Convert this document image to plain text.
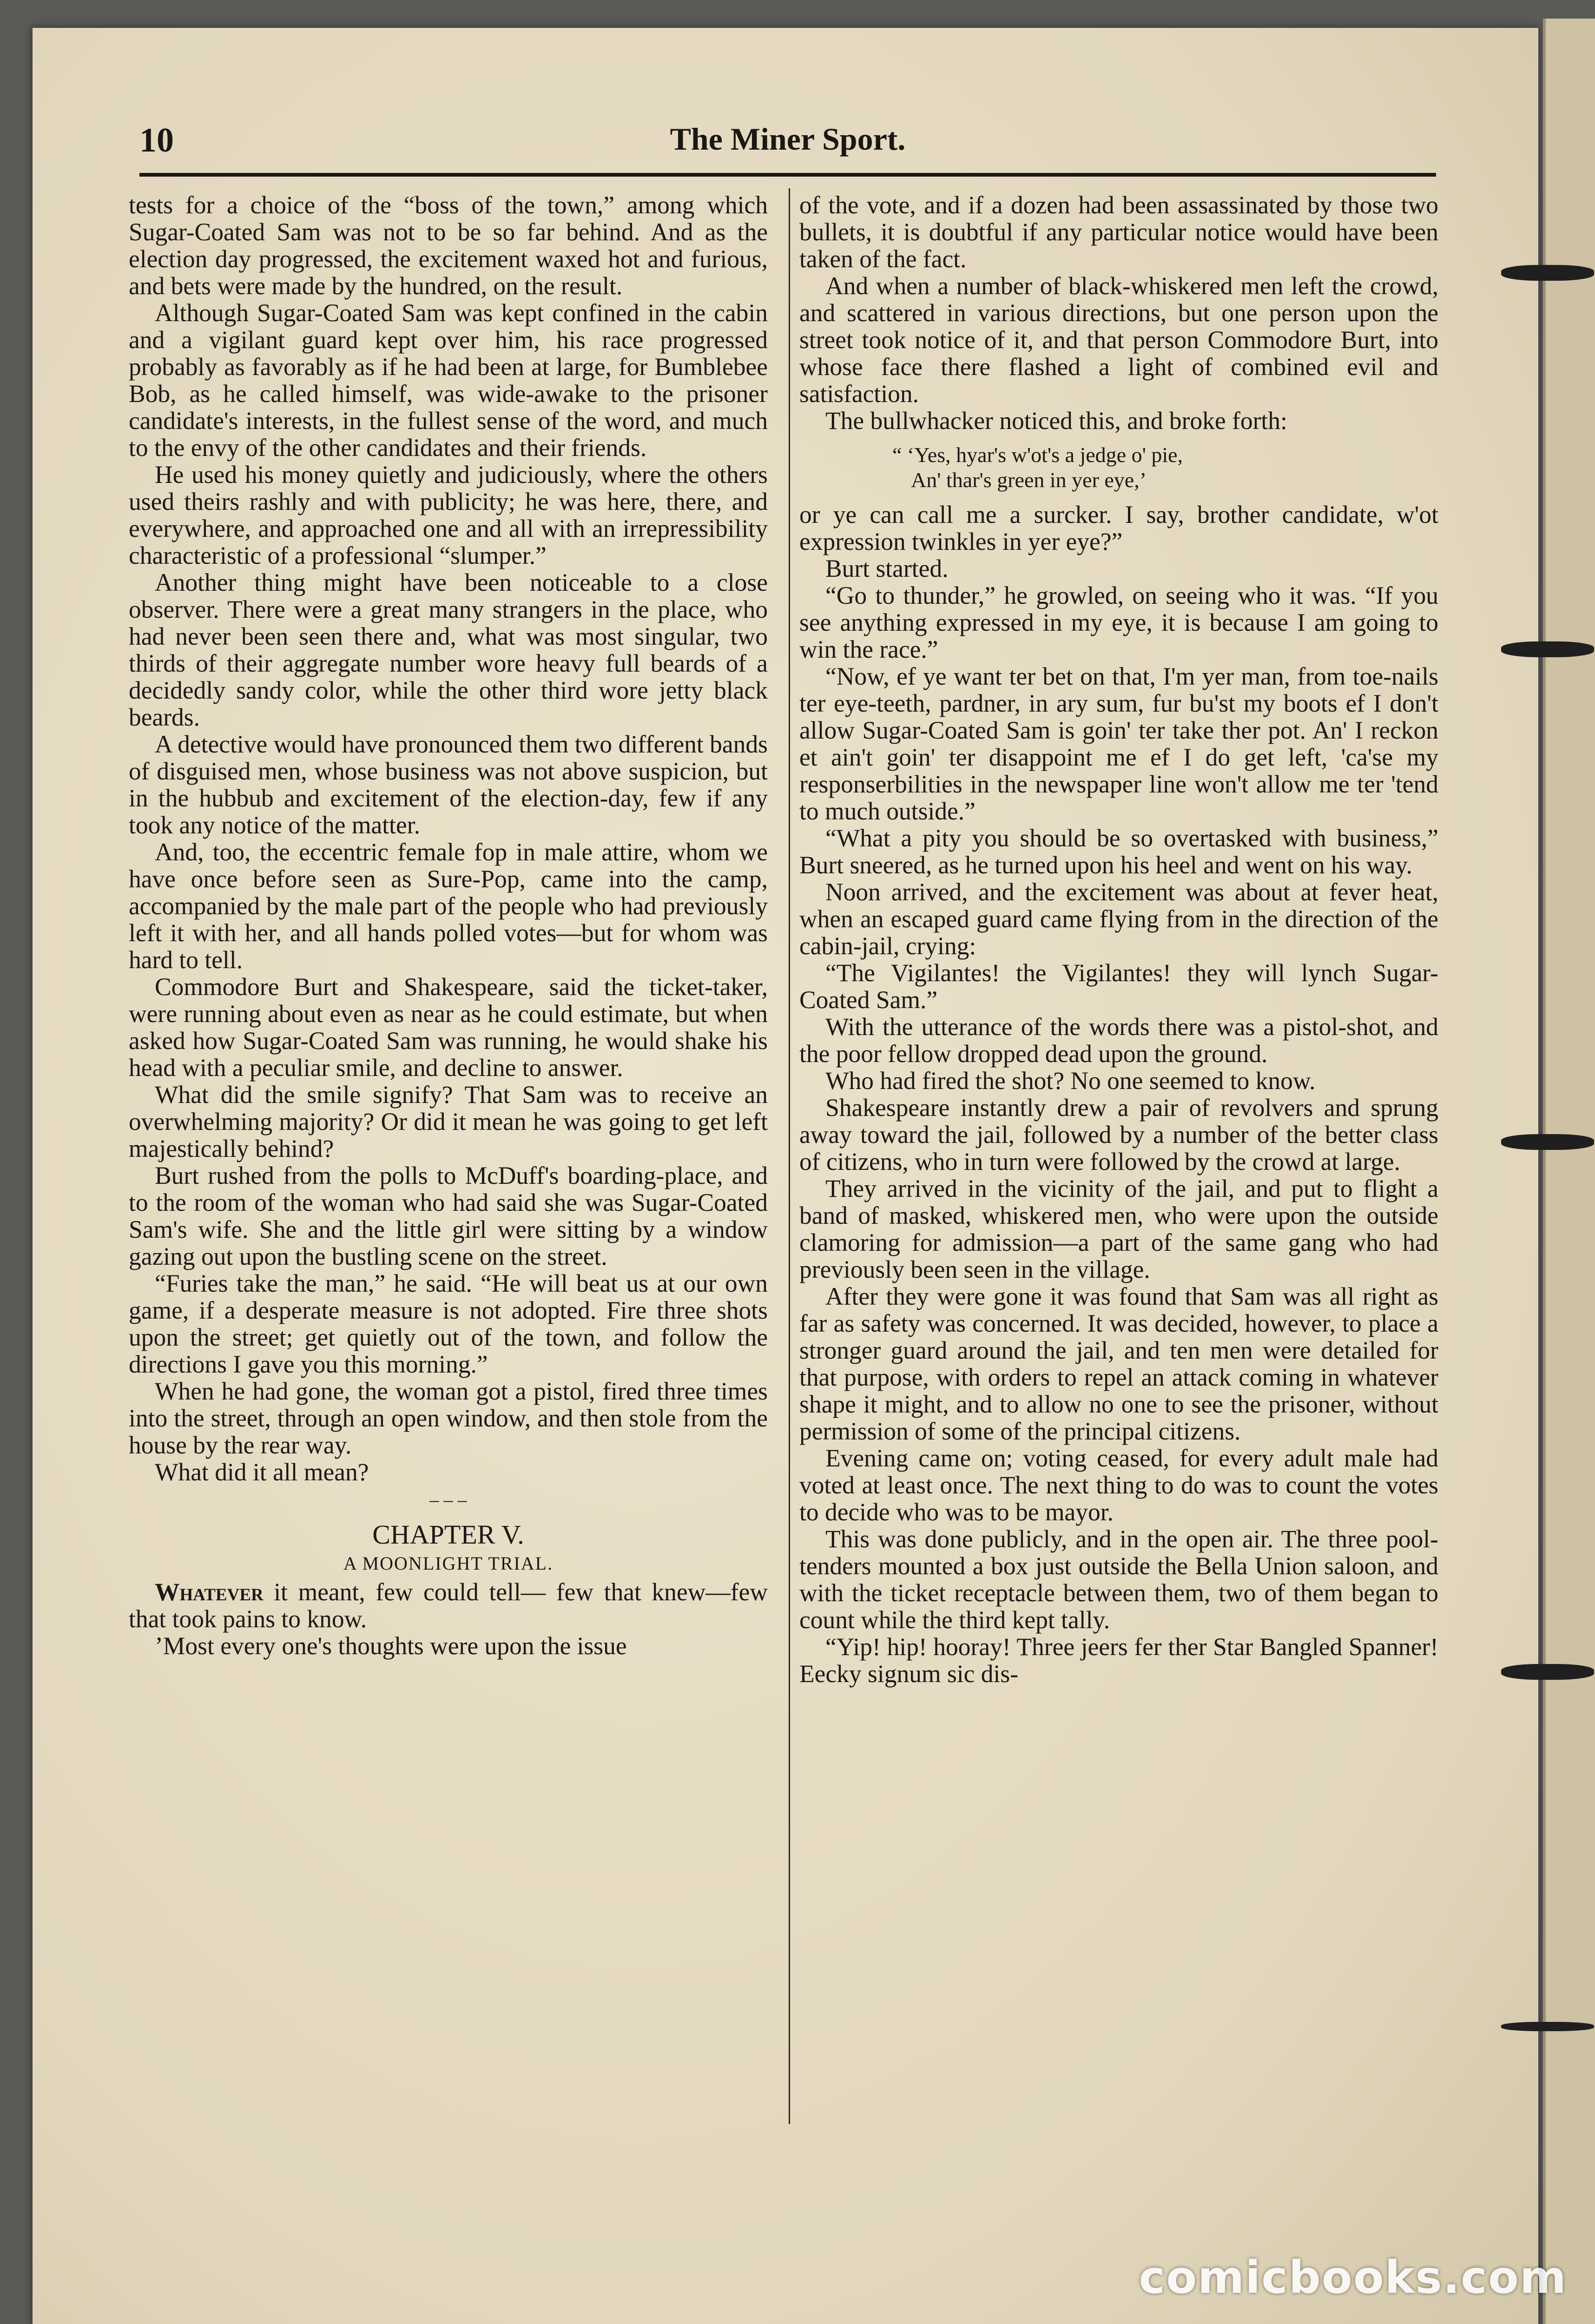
10	The Miner Sport.

tests for a choice of the “boss of the town,” among which Sugar-Coated Sam was not to be so far behind. And as the election day progressed, the excitement waxed hot and furious, and bets were made by the hundred, on the result.

Although Sugar-Coated Sam was kept confined in the cabin and a vigilant guard kept over him, his race progressed probably as favorably as if he had been at large, for Bumblebee Bob, as he called himself, was wide-awake to the prisoner candidate's interests, in the fullest sense of the word, and much to the envy of the other candidates and their friends.

He used his money quietly and judiciously, where the others used theirs rashly and with publicity; he was here, there, and everywhere, and approached one and all with an irrepressibility characteristic of a professional “slumper.”

Another thing might have been noticeable to a close observer. There were a great many strangers in the place, who had never been seen there and, what was most singular, two thirds of their aggregate number wore heavy full beards of a decidedly sandy color, while the other third wore jetty black beards.

A detective would have pronounced them two different bands of disguised men, whose business was not above suspicion, but in the hubbub and excitement of the election-day, few if any took any notice of the matter.

And, too, the eccentric female fop in male attire, whom we have once before seen as Sure-Pop, came into the camp, accompanied by the male part of the people who had previously left it with her, and all hands polled votes—but for whom was hard to tell.

Commodore Burt and Shakespeare, said the ticket-taker, were running about even as near as he could estimate, but when asked how Sugar-Coated Sam was running, he would shake his head with a peculiar smile, and decline to answer.

What did the smile signify? That Sam was to receive an overwhelming majority? Or did it mean he was going to get left majestically behind?

Burt rushed from the polls to McDuff's boarding-place, and to the room of the woman who had said she was Sugar-Coated Sam's wife. She and the little girl were sitting by a window gazing out upon the bustling scene on the street.

“Furies take the man,” he said. “He will beat us at our own game, if a desperate measure is not adopted. Fire three shots upon the street; get quietly out of the town, and follow the directions I gave you this morning.”

When he had gone, the woman got a pistol, fired three times into the street, through an open window, and then stole from the house by the rear way.

What did it all mean?

– – –
CHAPTER V.
A MOONLIGHT TRIAL.

Whatever it meant, few could tell— few that knew—few that took pains to know.

’Most every one's thoughts were upon the issue

of the vote, and if a dozen had been assassinated by those two bullets, it is doubtful if any particular notice would have been taken of the fact.

And when a number of black-whiskered men left the crowd, and scattered in various directions, but one person upon the street took notice of it, and that person Commodore Burt, into whose face there flashed a light of combined evil and satisfaction.

The bullwhacker noticed this, and broke forth:

“ ‘Yes, hyar's w'ot's a jedge o' pie,
An' thar's green in yer eye,’

or ye can call me a surcker. I say, brother candidate, w'ot expression twinkles in yer eye?”

Burt started.

“Go to thunder,” he growled, on seeing who it was. “If you see anything expressed in my eye, it is because I am going to win the race.”

“Now, ef ye want ter bet on that, I'm yer man, from toe-nails ter eye-teeth, pardner, in ary sum, fur bu'st my boots ef I don't allow Sugar-Coated Sam is goin' ter take ther pot. An' I reckon et ain't goin' ter disappoint me ef I do get left, 'ca'se my responserbilities in the newspaper line won't allow me ter 'tend to much outside.”

“What a pity you should be so overtasked with business,” Burt sneered, as he turned upon his heel and went on his way.

Noon arrived, and the excitement was about at fever heat, when an escaped guard came flying from in the direction of the cabin-jail, crying:

“The Vigilantes! the Vigilantes! they will lynch Sugar-Coated Sam.”

With the utterance of the words there was a pistol-shot, and the poor fellow dropped dead upon the ground.

Who had fired the shot? No one seemed to know.

Shakespeare instantly drew a pair of revolvers and sprung away toward the jail, followed by a number of the better class of citizens, who in turn were followed by the crowd at large.

They arrived in the vicinity of the jail, and put to flight a band of masked, whiskered men, who were upon the outside clamoring for admission—a part of the same gang who had previously been seen in the village.

After they were gone it was found that Sam was all right as far as safety was concerned. It was decided, however, to place a stronger guard around the jail, and ten men were detailed for that purpose, with orders to repel an attack coming in whatever shape it might, and to allow no one to see the prisoner, without permission of some of the principal citizens.

Evening came on; voting ceased, for every adult male had voted at least once. The next thing to do was to count the votes to decide who was to be mayor.

This was done publicly, and in the open air. The three pool-tenders mounted a box just outside the Bella Union saloon, and with the ticket receptacle between them, two of them began to count while the third kept tally.

“Yip! hip! hooray! Three jeers fer ther Star Bangled Spanner! Eecky signum sic dis-

comicbooks.com
